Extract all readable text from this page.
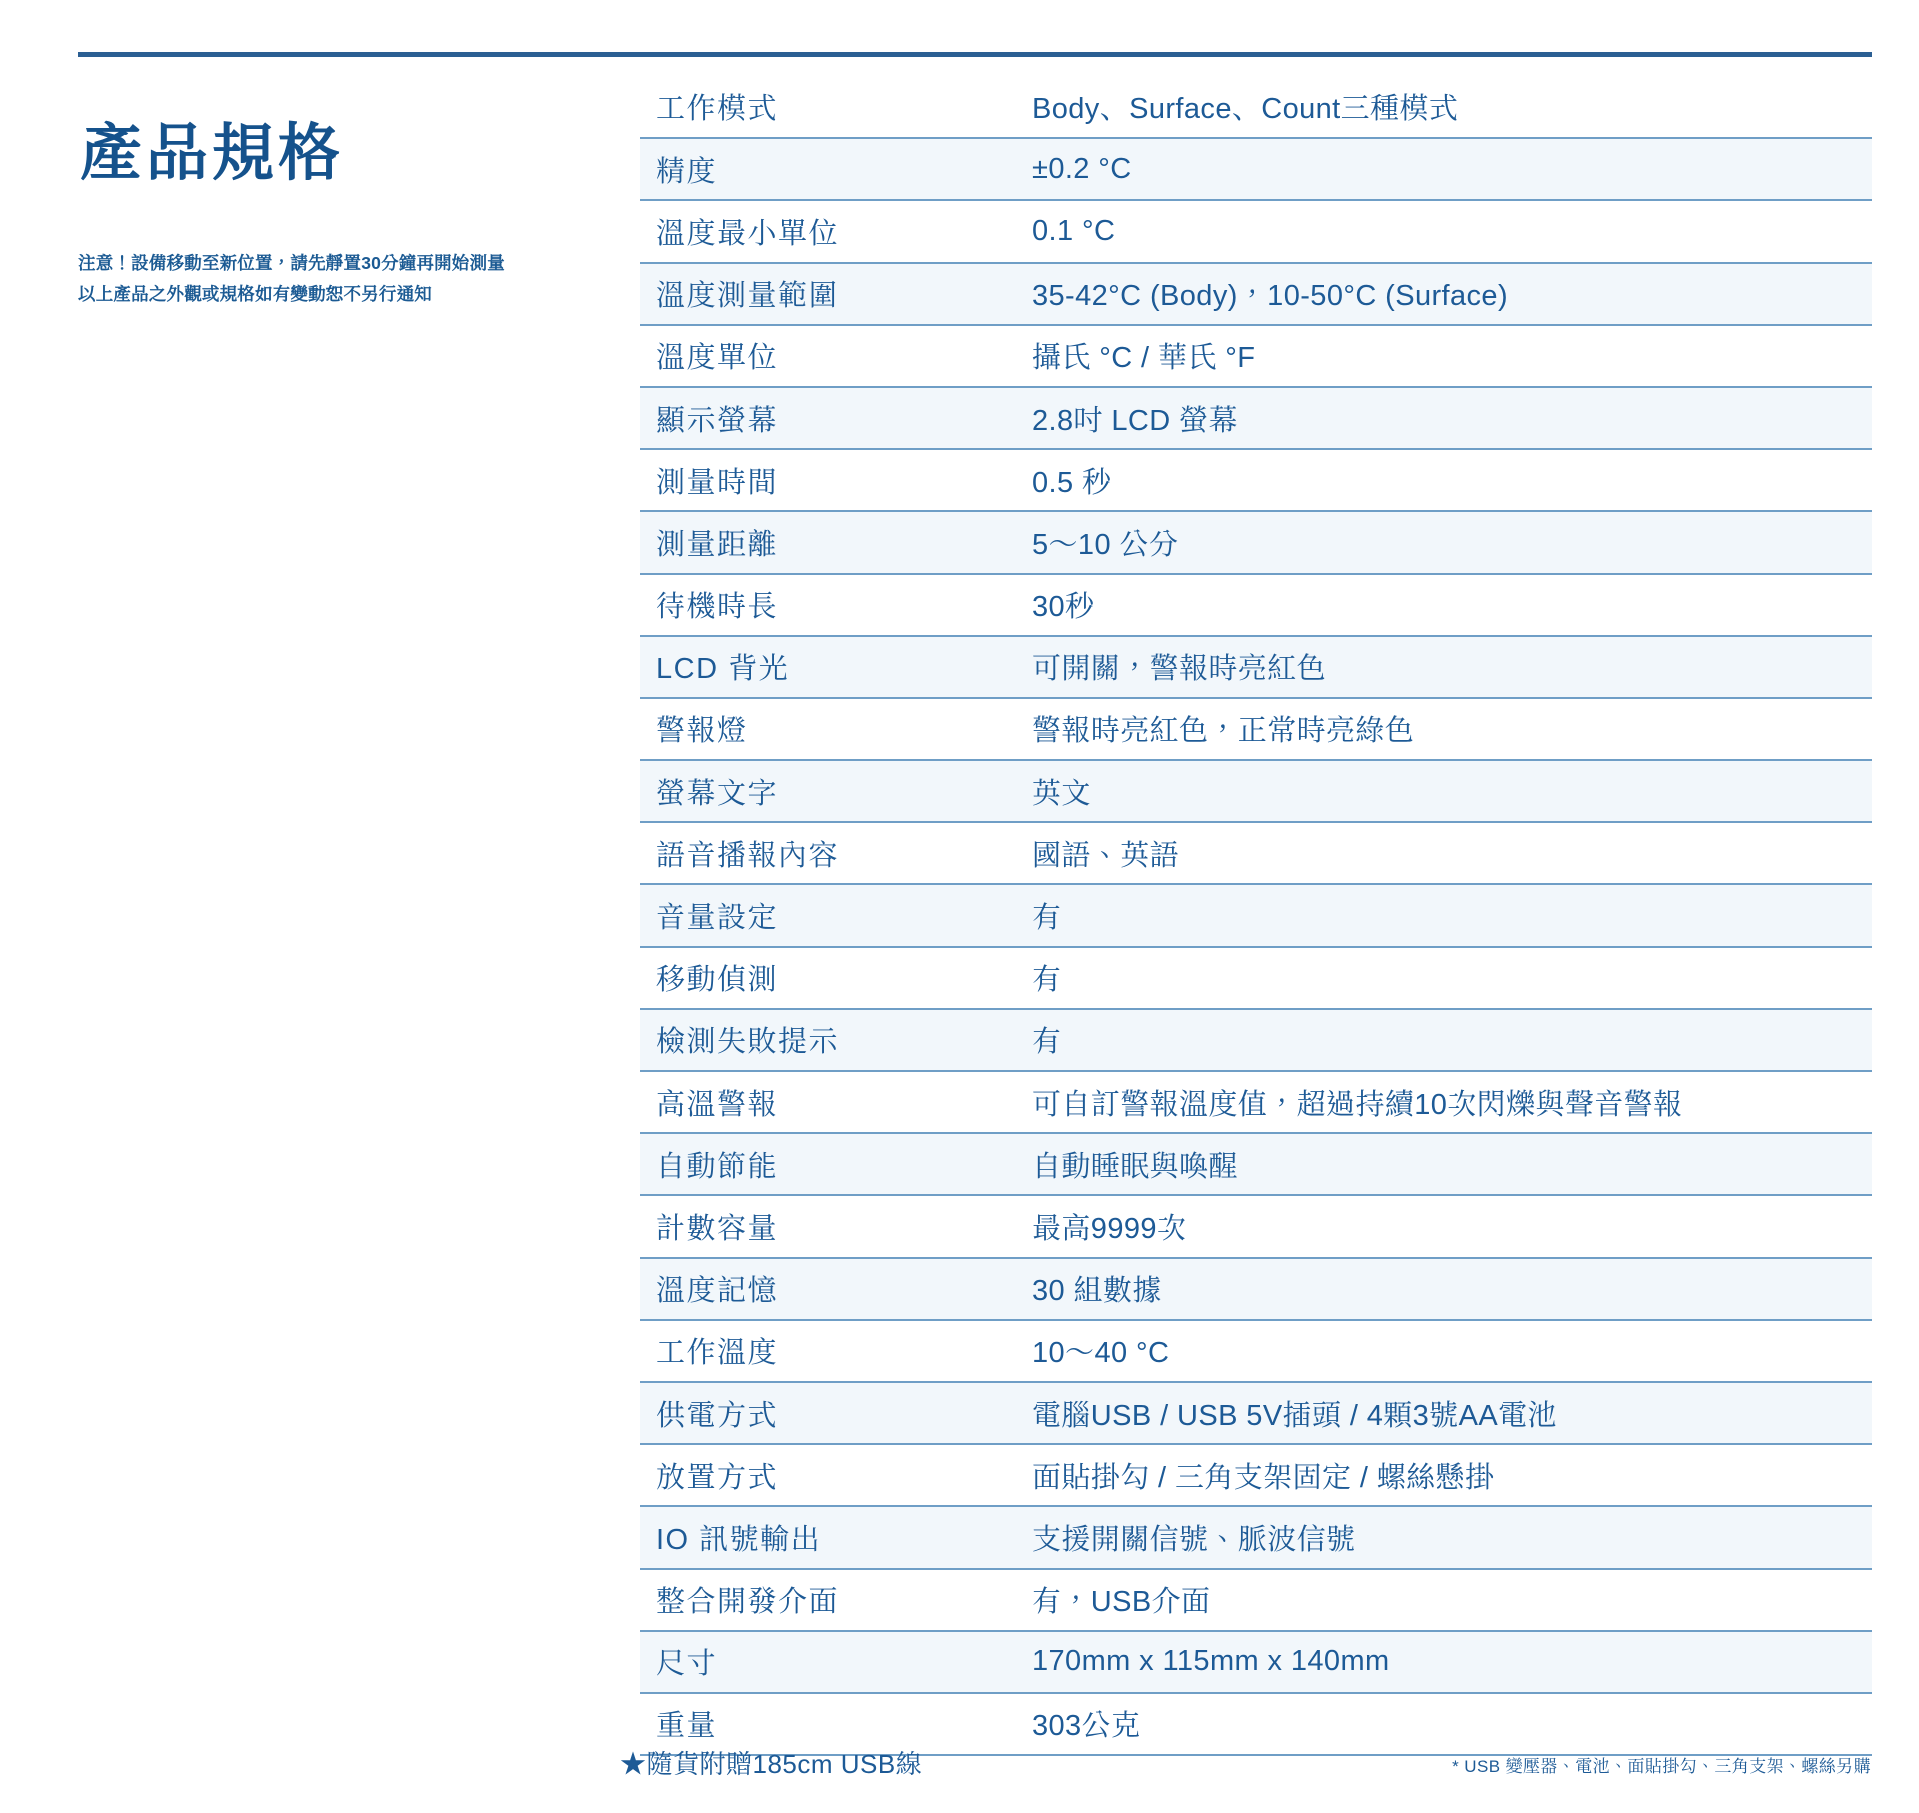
產品規格
注意！設備移動至新位置，請先靜置30分鐘再開始測量
以上產品之外觀或規格如有變動恕不另行通知
工作模式	Body、Surface、Count三種模式
精度	±0.2 °C
溫度最小單位	0.1 °C
溫度測量範圍	35-42°C (Body)，10-50°C (Surface)
溫度單位	攝氏 °C / 華氏 °F
顯示螢幕	2.8吋 LCD 螢幕
測量時間	0.5 秒
測量距離	5〜10 公分
待機時長	30秒
LCD 背光	可開關，警報時亮紅色
警報燈	警報時亮紅色，正常時亮綠色
螢幕文字	英文
語音播報內容	國語、英語
音量設定	有
移動偵測	有
檢測失敗提示	有
高溫警報	可自訂警報溫度值，超過持續10次閃爍與聲音警報
自動節能	自動睡眠與喚醒
計數容量	最高9999次
溫度記憶	30 組數據
工作溫度	10〜40 °C
供電方式	電腦USB / USB 5V插頭 / 4顆3號AA電池
放置方式	面貼掛勾 / 三角支架固定 / 螺絲懸掛
IO 訊號輸出	支援開關信號、脈波信號
整合開發介面	有，USB介面
尺寸	170mm x 115mm x 140mm
重量	303公克
★隨貨附贈185cm USB線	* USB 變壓器、電池、面貼掛勾、三角支架、螺絲另購
